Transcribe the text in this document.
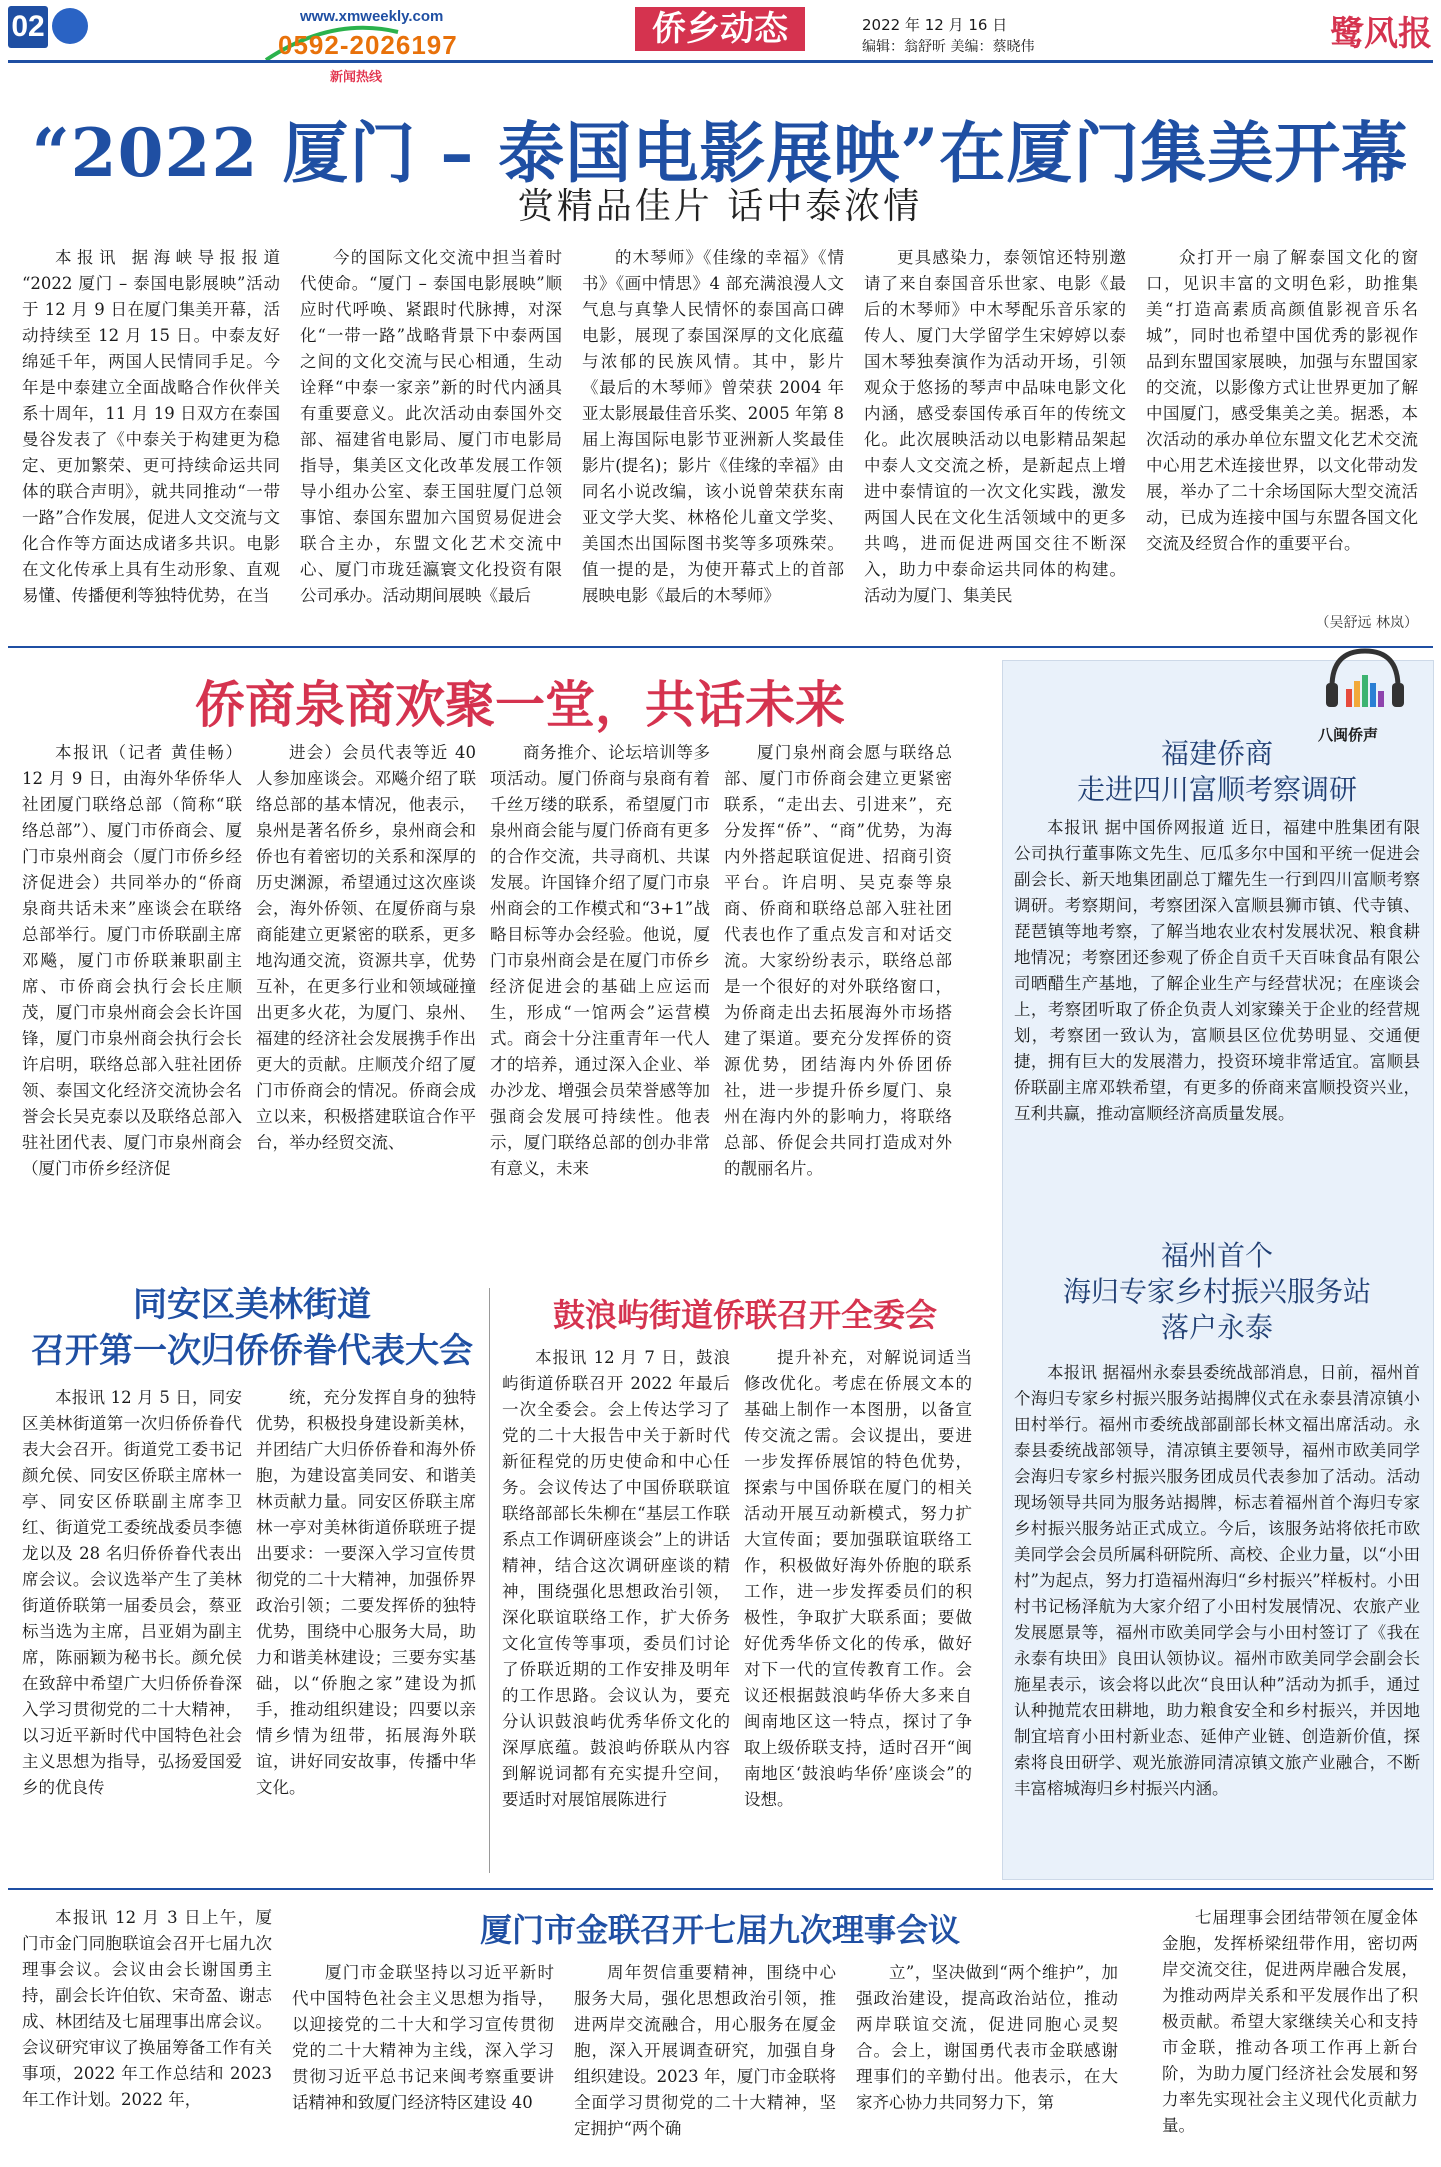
02	www.xmweekly.com
0592-2026197
新闻热线
侨乡动态	2022 年 12 月 16 日
编辑：翁舒昕 美编：蔡晓伟	鹭风报
“2022 厦门 – 泰国电影展映”在厦门集美开幕
赏精品佳片 话中泰浓情

本报讯 据海峡导报报道 “2022 厦门 – 泰国电影展映”活动于 12 月 9 日在厦门集美开幕，活动持续至 12 月 15 日。中泰友好绵延千年，两国人民情同手足。今年是中泰建立全面战略合作伙伴关系十周年，11 月 19 日双方在泰国曼谷发表了《中泰关于构建更为稳定、更加繁荣、更可持续命运共同体的联合声明》，就共同推动“一带一路”合作发展，促进人文交流与文化合作等方面达成诸多共识。电影在文化传承上具有生动形象、直观易懂、传播便利等独特优势，在当

今的国际文化交流中担当着时代使命。“厦门 – 泰国电影展映”顺应时代呼唤、紧跟时代脉搏，对深化“一带一路”战略背景下中泰两国之间的文化交流与民心相通，生动诠释“中泰一家亲”新的时代内涵具有重要意义。此次活动由泰国外交部、福建省电影局、厦门市电影局指导，集美区文化改革发展工作领导小组办公室、泰王国驻厦门总领事馆、泰国东盟加六国贸易促进会联合主办，东盟文化艺术交流中心、厦门市珑廷瀛寰文化投资有限公司承办。活动期间展映《最后

的木琴师》《佳缘的幸福》《情书》《画中情思》4 部充满浪漫人文气息与真挚人民情怀的泰国高口碑电影，展现了泰国深厚的文化底蕴与浓郁的民族风情。其中，影片《最后的木琴师》曾荣获 2004 年亚太影展最佳音乐奖、2005 年第 8 届上海国际电影节亚洲新人奖最佳影片(提名)；影片《佳缘的幸福》由同名小说改编，该小说曾荣获东南亚文学大奖、林格伦儿童文学奖、美国杰出国际图书奖等多项殊荣。值一提的是，为使开幕式上的首部展映电影《最后的木琴师》

更具感染力，泰领馆还特别邀请了来自泰国音乐世家、电影《最后的木琴师》中木琴配乐音乐家的传人、厦门大学留学生宋婷婷以泰国木琴独奏演作为活动开场，引领观众于悠扬的琴声中品味电影文化内涵，感受泰国传承百年的传统文化。此次展映活动以电影精品架起中泰人文交流之桥，是新起点上增进中泰情谊的一次文化实践，激发两国人民在文化生活领域中的更多共鸣，进而促进两国交往不断深入，助力中泰命运共同体的构建。活动为厦门、集美民

众打开一扇了解泰国文化的窗口，见识丰富的文明色彩，助推集美“打造高素质高颜值影视音乐名城”，同时也希望中国优秀的影视作品到东盟国家展映，加强与东盟国家的交流，以影像方式让世界更加了解中国厦门，感受集美之美。据悉，本次活动的承办单位东盟文化艺术交流中心用艺术连接世界，以文化带动发展，举办了二十余场国际大型交流活动，已成为连接中国与东盟各国文化交流及经贸合作的重要平台。

（吴舒远 林岚）
侨商泉商欢聚一堂，共话未来

本报讯（记者 黄佳畅）12 月 9 日，由海外华侨华人社团厦门联络总部（简称“联络总部”）、厦门市侨商会、厦门市泉州商会（厦门市侨乡经济促进会）共同举办的“侨商泉商共话未来”座谈会在联络总部举行。厦门市侨联副主席邓飚，厦门市侨联兼职副主席、市侨商会执行会长庄顺茂，厦门市泉州商会会长许国锋，厦门市泉州商会执行会长许启明，联络总部入驻社团侨领、泰国文化经济交流协会名誉会长吴克泰以及联络总部入驻社团代表、厦门市泉州商会（厦门市侨乡经济促

进会）会员代表等近 40 人参加座谈会。邓飚介绍了联络总部的基本情况，他表示，泉州是著名侨乡，泉州商会和侨也有着密切的关系和深厚的历史渊源，希望通过这次座谈会，海外侨领、在厦侨商与泉商能建立更紧密的联系，更多地沟通交流，资源共享，优势互补，在更多行业和领域碰撞出更多火花，为厦门、泉州、福建的经济社会发展携手作出更大的贡献。庄顺茂介绍了厦门市侨商会的情况。侨商会成立以来，积极搭建联谊合作平台，举办经贸交流、

商务推介、论坛培训等多项活动。厦门侨商与泉商有着千丝万缕的联系，希望厦门市泉州商会能与厦门侨商有更多的合作交流，共寻商机、共谋发展。许国锋介绍了厦门市泉州商会的工作模式和“3+1”战略目标等办会经验。他说，厦门市泉州商会是在厦门市侨乡经济促进会的基础上应运而生，形成“一馆两会”运营模式。商会十分注重青年一代人才的培养，通过深入企业、举办沙龙、增强会员荣誉感等加强商会发展可持续性。他表示，厦门联络总部的创办非常有意义，未来

厦门泉州商会愿与联络总部、厦门市侨商会建立更紧密联系，“走出去、引进来”，充分发挥“侨”、“商”优势，为海内外搭起联谊促进、招商引资平台。许启明、吴克泰等泉商、侨商和联络总部入驻社团代表也作了重点发言和对话交流。大家纷纷表示，联络总部是一个很好的对外联络窗口，为侨商走出去拓展海外市场搭建了渠道。要充分发挥侨的资源优势，团结海内外侨团侨社，进一步提升侨乡厦门、泉州在海内外的影响力，将联络总部、侨促会共同打造成对外的靓丽名片。

八闽侨声
福建侨商
走进四川富顺考察调研

本报讯 据中国侨网报道 近日，福建中胜集团有限公司执行董事陈文先生、厄瓜多尔中国和平统一促进会副会长、新天地集团副总丁耀先生一行到四川富顺考察调研。考察期间，考察团深入富顺县狮市镇、代寺镇、琵琶镇等地考察，了解当地农业农村发展状况、粮食耕地情况；考察团还参观了侨企自贡千天百味食品有限公司晒醋生产基地，了解企业生产与经营状况；在座谈会上，考察团听取了侨企负责人刘家臻关于企业的经营规划，考察团一致认为，富顺县区位优势明显、交通便捷，拥有巨大的发展潜力，投资环境非常适宜。富顺县侨联副主席邓轶希望，有更多的侨商来富顺投资兴业，互利共赢，推动富顺经济高质量发展。

福州首个
海归专家乡村振兴服务站
落户永泰

本报讯 据福州永泰县委统战部消息，日前，福州首个海归专家乡村振兴服务站揭牌仪式在永泰县清凉镇小田村举行。福州市委统战部副部长林文福出席活动。永泰县委统战部领导，清凉镇主要领导，福州市欧美同学会海归专家乡村振兴服务团成员代表参加了活动。活动现场领导共同为服务站揭牌，标志着福州首个海归专家乡村振兴服务站正式成立。今后，该服务站将依托市欧美同学会会员所属科研院所、高校、企业力量，以“小田村”为起点，努力打造福州海归“乡村振兴”样板村。小田村书记杨泽航为大家介绍了小田村发展情况、农旅产业发展愿景等，福州市欧美同学会与小田村签订了《我在永泰有块田》良田认领协议。福州市欧美同学会副会长施星表示，该会将以此次“良田认种”活动为抓手，通过认种抛荒农田耕地，助力粮食安全和乡村振兴，并因地制宜培育小田村新业态、延伸产业链、创造新价值，探索将良田研学、观光旅游同清凉镇文旅产业融合，不断丰富榕城海归乡村振兴内涵。

同安区美林街道
召开第一次归侨侨眷代表大会

本报讯 12 月 5 日，同安区美林街道第一次归侨侨眷代表大会召开。街道党工委书记颜允侯、同安区侨联主席林一亭、同安区侨联副主席李卫红、街道党工委统战委员李德龙以及 28 名归侨侨眷代表出席会议。会议选举产生了美林街道侨联第一届委员会，蔡亚标当选为主席，吕亚娟为副主席，陈丽颖为秘书长。颜允侯在致辞中希望广大归侨侨眷深入学习贯彻党的二十大精神，以习近平新时代中国特色社会主义思想为指导，弘扬爱国爱乡的优良传

统，充分发挥自身的独特优势，积极投身建设新美林，并团结广大归侨侨眷和海外侨胞，为建设富美同安、和谐美林贡献力量。同安区侨联主席林一亭对美林街道侨联班子提出要求：一要深入学习宣传贯彻党的二十大精神，加强侨界政治引领；二要发挥侨的独特优势，围绕中心服务大局，助力和谐美林建设；三要夯实基础，以“侨胞之家”建设为抓手，推动组织建设；四要以亲情乡情为纽带，拓展海外联谊，讲好同安故事，传播中华文化。

鼓浪屿街道侨联召开全委会

本报讯 12 月 7 日，鼓浪屿街道侨联召开 2022 年最后一次全委会。会上传达学习了党的二十大报告中关于新时代新征程党的历史使命和中心任务。会议传达了中国侨联联谊联络部部长朱柳在“基层工作联系点工作调研座谈会”上的讲话精神，结合这次调研座谈的精神，围绕强化思想政治引领，深化联谊联络工作，扩大侨务文化宣传等事项，委员们讨论了侨联近期的工作安排及明年的工作思路。会议认为，要充分认识鼓浪屿优秀华侨文化的深厚底蕴。鼓浪屿侨联从内容到解说词都有充实提升空间，要适时对展馆展陈进行

提升补充，对解说词适当修改优化。考虑在侨展文本的基础上制作一本图册，以备宣传交流之需。会议提出，要进一步发挥侨展馆的特色优势，探索与中国侨联在厦门的相关活动开展互动新模式，努力扩大宣传面；要加强联谊联络工作，积极做好海外侨胞的联系工作，进一步发挥委员们的积极性，争取扩大联系面；要做好优秀华侨文化的传承，做好对下一代的宣传教育工作。会议还根据鼓浪屿华侨大多来自闽南地区这一特点，探讨了争取上级侨联支持，适时召开“闽南地区‘鼓浪屿华侨’座谈会”的设想。

厦门市金联召开七届九次理事会议

本报讯 12 月 3 日上午，厦门市金门同胞联谊会召开七届九次理事会议。会议由会长谢国勇主持，副会长许伯钦、宋奇盈、谢志成、林团结及七届理事出席会议。会议研究审议了换届筹备工作有关事项，2022 年工作总结和 2023 年工作计划。2022 年，

厦门市金联坚持以习近平新时代中国特色社会主义思想为指导，以迎接党的二十大和学习宣传贯彻党的二十大精神为主线，深入学习贯彻习近平总书记来闽考察重要讲话精神和致厦门经济特区建设 40

周年贺信重要精神，围绕中心服务大局，强化思想政治引领，推进两岸交流融合，用心服务在厦金胞，深入开展调查研究，加强自身组织建设。2023 年，厦门市金联将全面学习贯彻党的二十大精神，坚定拥护“两个确

立”，坚决做到“两个维护”，加强政治建设，提高政治站位，推动两岸联谊交流，促进同胞心灵契合。会上，谢国勇代表市金联感谢理事们的辛勤付出。他表示，在大家齐心协力共同努力下，第

七届理事会团结带领在厦金体金胞，发挥桥梁纽带作用，密切两岸交流交往，促进两岸融合发展，为推动两岸关系和平发展作出了积极贡献。希望大家继续关心和支持市金联，推动各项工作再上新台阶，为助力厦门经济社会发展和努力率先实现社会主义现代化贡献力量。
